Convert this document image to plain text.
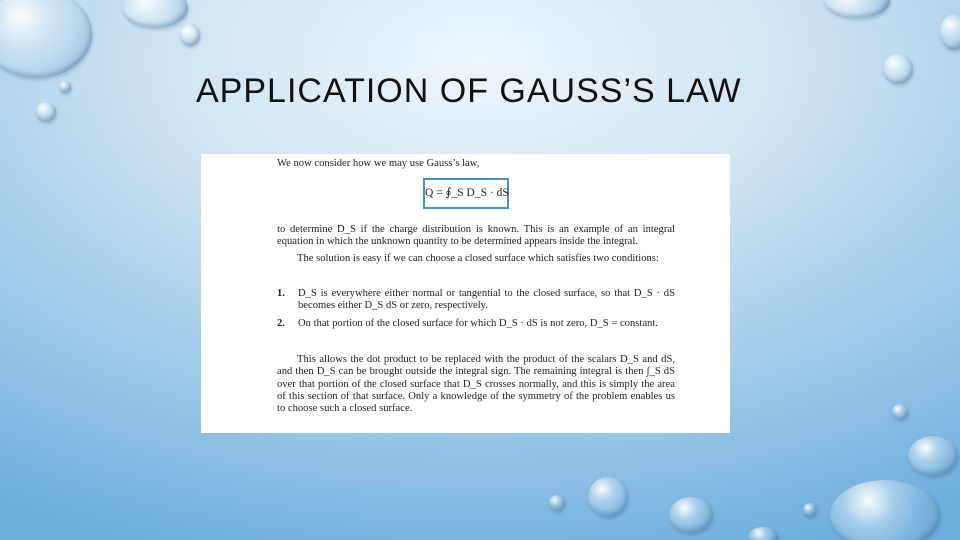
APPLICATION OF GAUSS’S LAW

We now consider how we may use Gauss’s law,

Q = ∮_S D_S · dS

to determine D_S if the charge distribution is known. This is an example of an integral equation in which the unknown quantity to be determined appears inside the integral.

The solution is easy if we can choose a closed surface which satisfies two conditions:

1. D_S is everywhere either normal or tangential to the closed surface, so that D_S · dS becomes either D_S dS or zero, respectively.
2. On that portion of the closed surface for which D_S · dS is not zero, D_S = constant.

This allows the dot product to be replaced with the product of the scalars D_S and dS, and then D_S can be brought outside the integral sign. The remaining integral is then ∫_S dS over that portion of the closed surface that D_S crosses normally, and this is simply the area of this section of that surface. Only a knowledge of the symmetry of the problem enables us to choose such a closed surface.
